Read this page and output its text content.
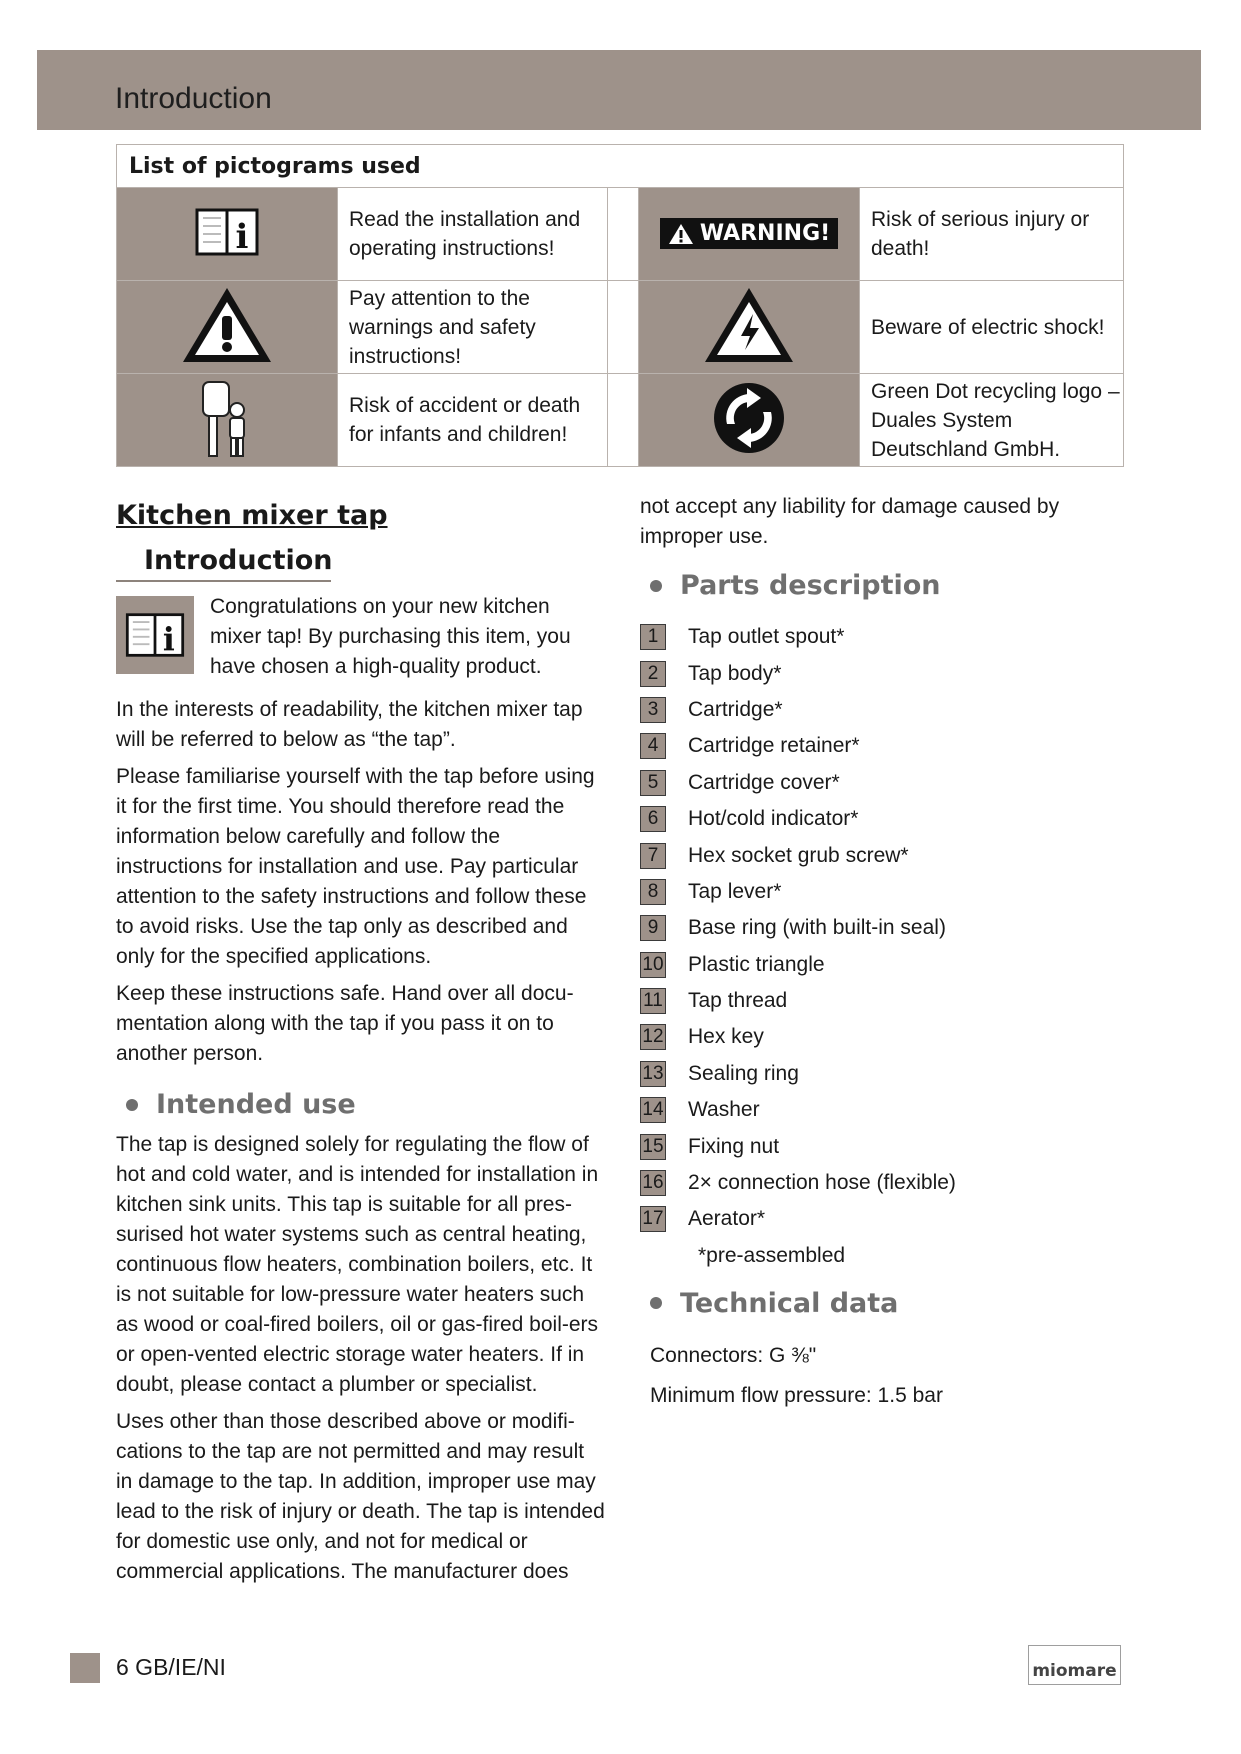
Introduction
List of pictograms used				

i	Read the installation and operating instructions!		WARNING!	Risk of serious injury or death!
	Pay attention to the warnings and safety instructions!			Beware of electric shock!
	Risk of accident or death for infants and children!			Green Dot recycling logo – Duales System Deutschland GmbH.
Kitchen mixer tap
Introduction
i

Congratulations on your new kitchen mixer tap! By purchasing this item, you have chosen a high-quality product.

In the interests of readability, the kitchen mixer tap will be referred to below as “the tap”.

Please familiarise yourself with the tap before using it for the first time. You should therefore read the information below carefully and follow the instructions for installation and use. Pay particular attention to the safety instructions and follow these to avoid risks. Use the tap only as described and only for the specified applications.

Keep these instructions safe. Hand over all docu-mentation along with the tap if you pass it on to another person.

Intended use

The tap is designed solely for regulating the flow of hot and cold water, and is intended for installation in kitchen sink units. This tap is suitable for all pres-surised hot water systems such as central heating, continuous flow heaters, combination boilers, etc. It is not suitable for low-pressure water heaters such as wood or coal-fired boilers, oil or gas-fired boil-ers or open-vented electric storage water heaters. If in doubt, please contact a plumber or specialist.

Uses other than those described above or modifi-cations to the tap are not permitted and may result in damage to the tap. In addition, improper use may lead to the risk of injury or death. The tap is intended for domestic use only, and not for medical or commercial applications. The manufacturer does

not accept any liability for damage caused by improper use.

Parts description
1	Tap outlet spout*
2	Tap body*
3	Cartridge*
4	Cartridge retainer*
5	Cartridge cover*
6	Hot/cold indicator*
7	Hex socket grub screw*
8	Tap lever*
9	Base ring (with built-in seal)
10 Plastic triangle
11 Tap thread
12 Hex key
13 Sealing ring
14 Washer
15 Fixing nut
16 2× connection hose (flexible)
17 Aerator*
*pre-assembled
Technical data

Connectors: G ⅜"

Minimum flow pressure: 1.5 bar

6 GB/IE/NI	miomare
